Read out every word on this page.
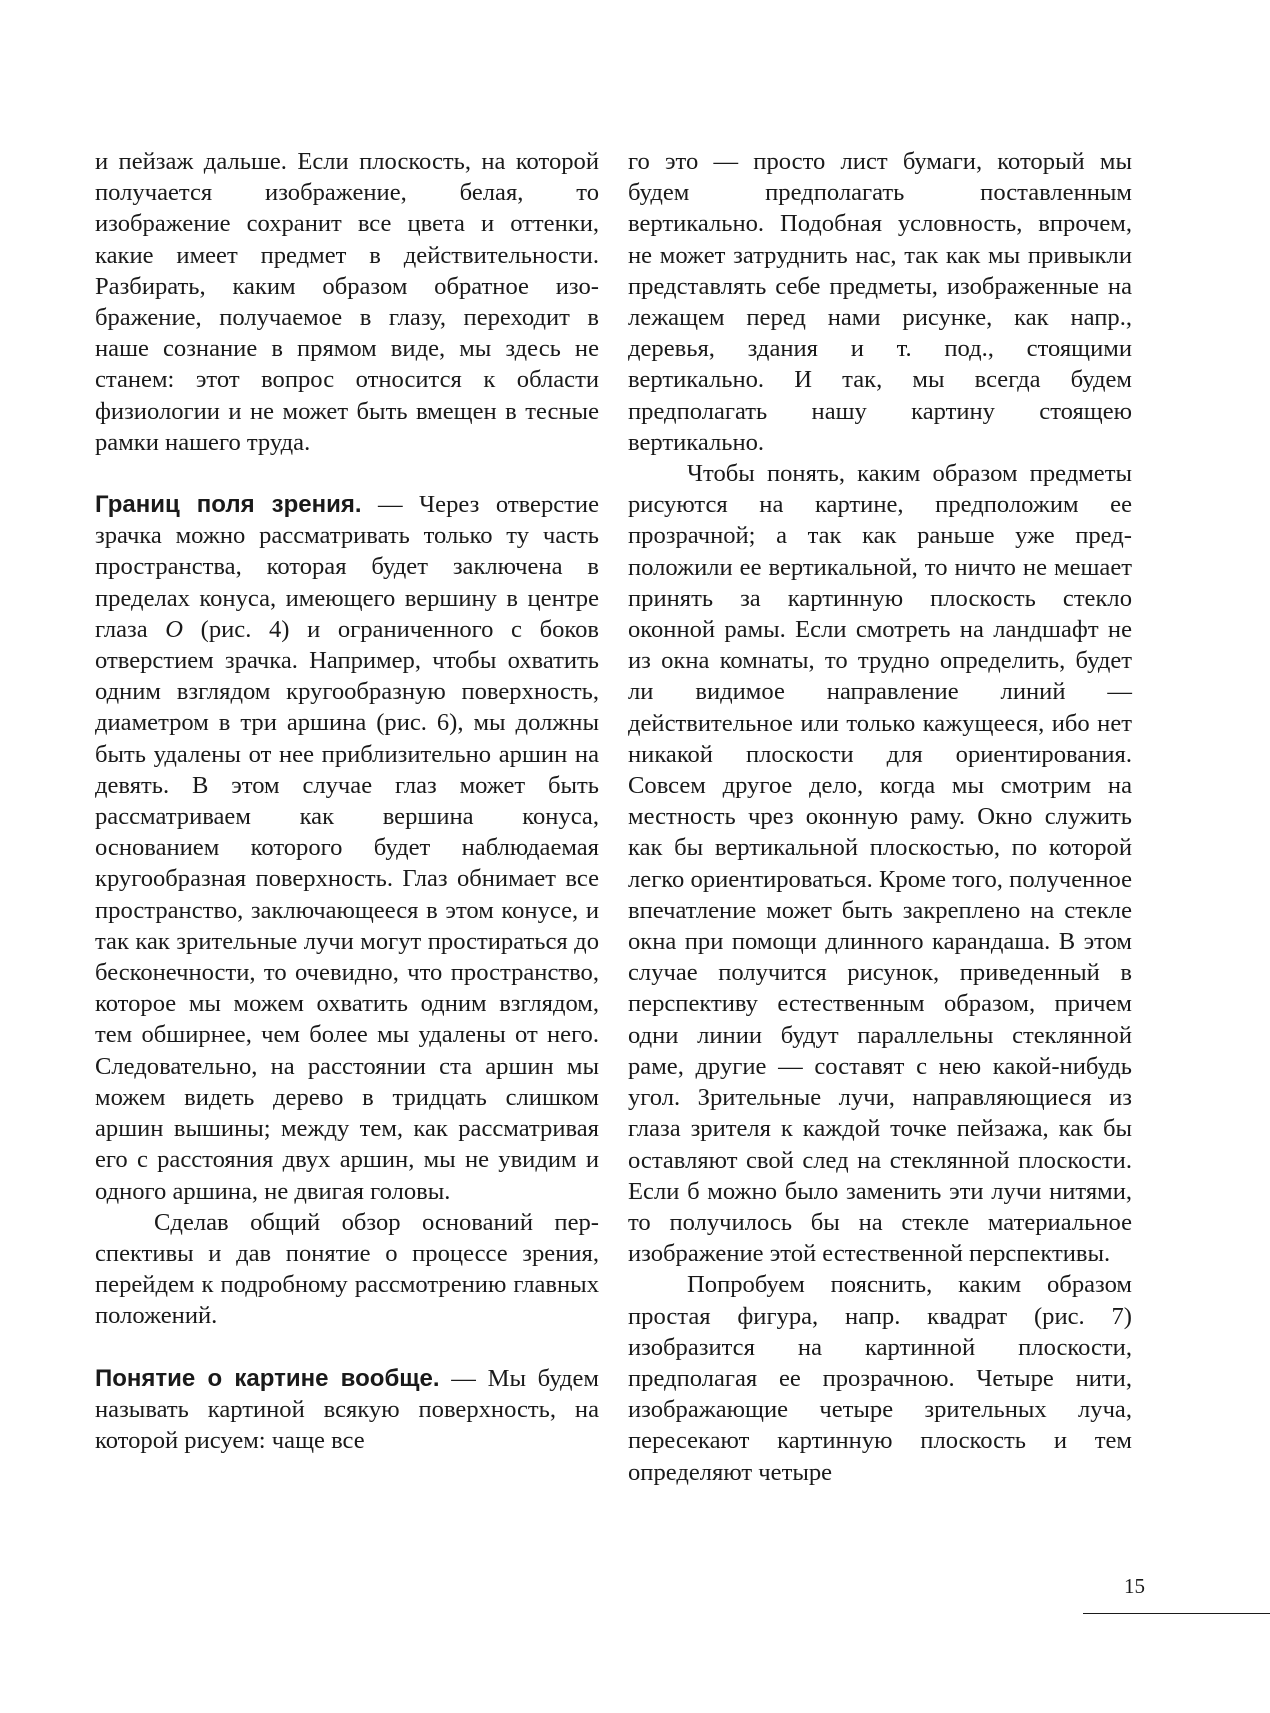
и пейзаж дальше. Если плоскость, на которой получается изображение, белая, то изображение сохранит все цвета и оттенки, какие имеет предмет в действительности. Разбирать, каким образом обратное изображение, получаемое в глазу, переходит в наше сознание в прямом виде, мы здесь не станем: этот вопрос относится к области физиологии и не может быть вмещен в тесные рамки нашего труда.

Границ поля зрения. — Через отверстие зрачка можно рассматривать только ту часть пространства, которая будет заключена в пределах конуса, имеющего вершину в центре глаза O (рис. 4) и ограниченного с боков отверстием зрачка. Например, чтобы охватить одним взглядом кругообразную поверхность, диаметром в три аршина (рис. 6), мы должны быть удалены от нее приблизительно аршин на девять. В этом случае глаз может быть рассматриваем как вершина конуса, основанием которого будет наблюдаемая кругообразная поверхность. Глаз обнимает все пространство, заключающееся в этом конусе, и так как зрительные лучи могут простираться до бесконечности, то очевидно, что пространство, которое мы можем охватить одним взглядом, тем обширнее, чем более мы удалены от него. Следовательно, на расстоянии ста аршин мы можем видеть дерево в тридцать слишком аршин вышины; между тем, как рассматривая его с расстояния двух аршин, мы не увидим и одного аршина, не двигая головы.

Сделав общий обзор оснований перспективы и дав понятие о процессе зрения, перейдем к подробному рассмотрению главных положений.

Понятие о картине вообще. — Мы будем называть картиной всякую поверхность, на которой рисуем: чаще все

го это — просто лист бумаги, который мы будем предполагать поставленным вертикально. Подобная условность, впрочем, не может затруднить нас, так как мы привыкли представлять себе предметы, изображенные на лежащем перед нами рисунке, как напр., деревья, здания и т. под., стоящими вертикально. И так, мы всегда будем предполагать нашу картину стоящею вертикально.

Чтобы понять, каким образом предметы рисуются на картине, предположим ее прозрачной; а так как раньше уже предположили ее вертикальной, то ничто не мешает принять за картинную плоскость стекло оконной рамы. Если смотреть на ландшафт не из окна комнаты, то трудно определить, будет ли видимое направление линий — действительное или только кажущееся, ибо нет никакой плоскости для ориентирования. Совсем другое дело, когда мы смотрим на местность чрез оконную раму. Окно служить как бы вертикальной плоскостью, по которой легко ориентироваться. Кроме того, полученное впечатление может быть закреплено на стекле окна при помощи длинного карандаша. В этом случае получится рисунок, приведенный в перспективу естественным образом, причем одни линии будут параллельны стеклянной раме, другие — составят с нею какой-нибудь угол. Зрительные лучи, направляющиеся из глаза зрителя к каждой точке пейзажа, как бы оставляют свой след на стеклянной плоскости. Если б можно было заменить эти лучи нитями, то получилось бы на стекле материальное изображение этой естественной перспективы.

Попробуем пояснить, каким образом простая фигура, напр. квадрат (рис. 7) изобразится на картинной плоскости, предполагая ее прозрачною. Четыре нити, изображающие четыре зрительных луча, пересекают картинную плоскость и тем определяют четыре

15
